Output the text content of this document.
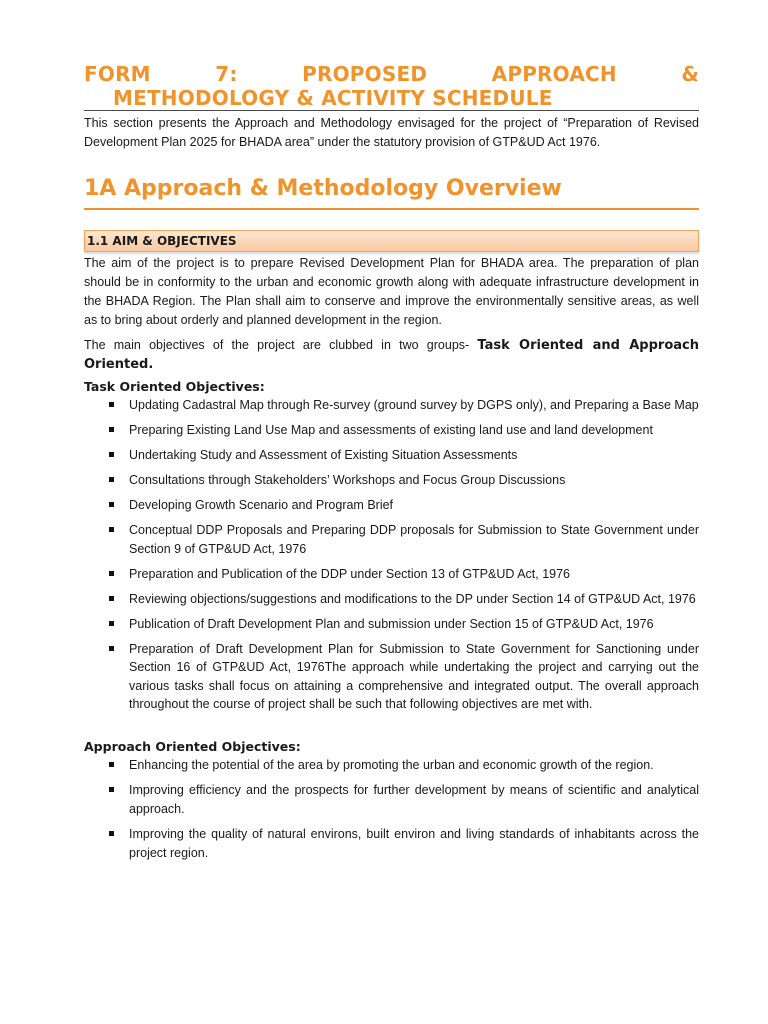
FORM	7:	PROPOSED	APPROACH	&
METHODOLOGY & ACTIVITY SCHEDULE

This section presents the Approach and Methodology envisaged for the project of “Preparation of Revised Development Plan 2025 for BHADA area” under the statutory provision of GTP&UD Act 1976.

1A Approach & Methodology Overview
1.1 AIM & OBJECTIVES

The aim of the project is to prepare Revised Development Plan for BHADA area. The preparation of plan should be in conformity to the urban and economic growth along with adequate infrastructure development in the BHADA Region. The Plan shall aim to conserve and improve the environmentally sensitive areas, as well as to bring about orderly and planned development in the region.

The main objectives of the project are clubbed in two groups- Task Oriented and Approach Oriented.

Task Oriented Objectives:
Updating Cadastral Map through Re-survey (ground survey by DGPS only), and Preparing a Base Map
Preparing Existing Land Use Map and assessments of existing land use and land development
Undertaking Study and Assessment of Existing Situation Assessments
Consultations through Stakeholders’ Workshops and Focus Group Discussions
Developing Growth Scenario and Program Brief
Conceptual DDP Proposals and Preparing DDP proposals for Submission to State Government under Section 9 of GTP&UD Act, 1976
Preparation and Publication of the DDP under Section 13 of GTP&UD Act, 1976
Reviewing objections/suggestions and modifications to the DP under Section 14 of GTP&UD Act, 1976
Publication of Draft Development Plan and submission under Section 15 of GTP&UD Act, 1976
Preparation of Draft Development Plan for Submission to State Government for Sanctioning under Section 16 of GTP&UD Act, 1976The approach while undertaking the project and carrying out the various tasks shall focus on attaining a comprehensive and integrated output. The overall approach throughout the course of project shall be such that following objectives are met with.
Approach Oriented Objectives:
Enhancing the potential of the area by promoting the urban and economic growth of the region.
Improving efficiency and the prospects for further development by means of scientific and analytical approach.
Improving the quality of natural environs, built environ and living standards of inhabitants across the project region.
